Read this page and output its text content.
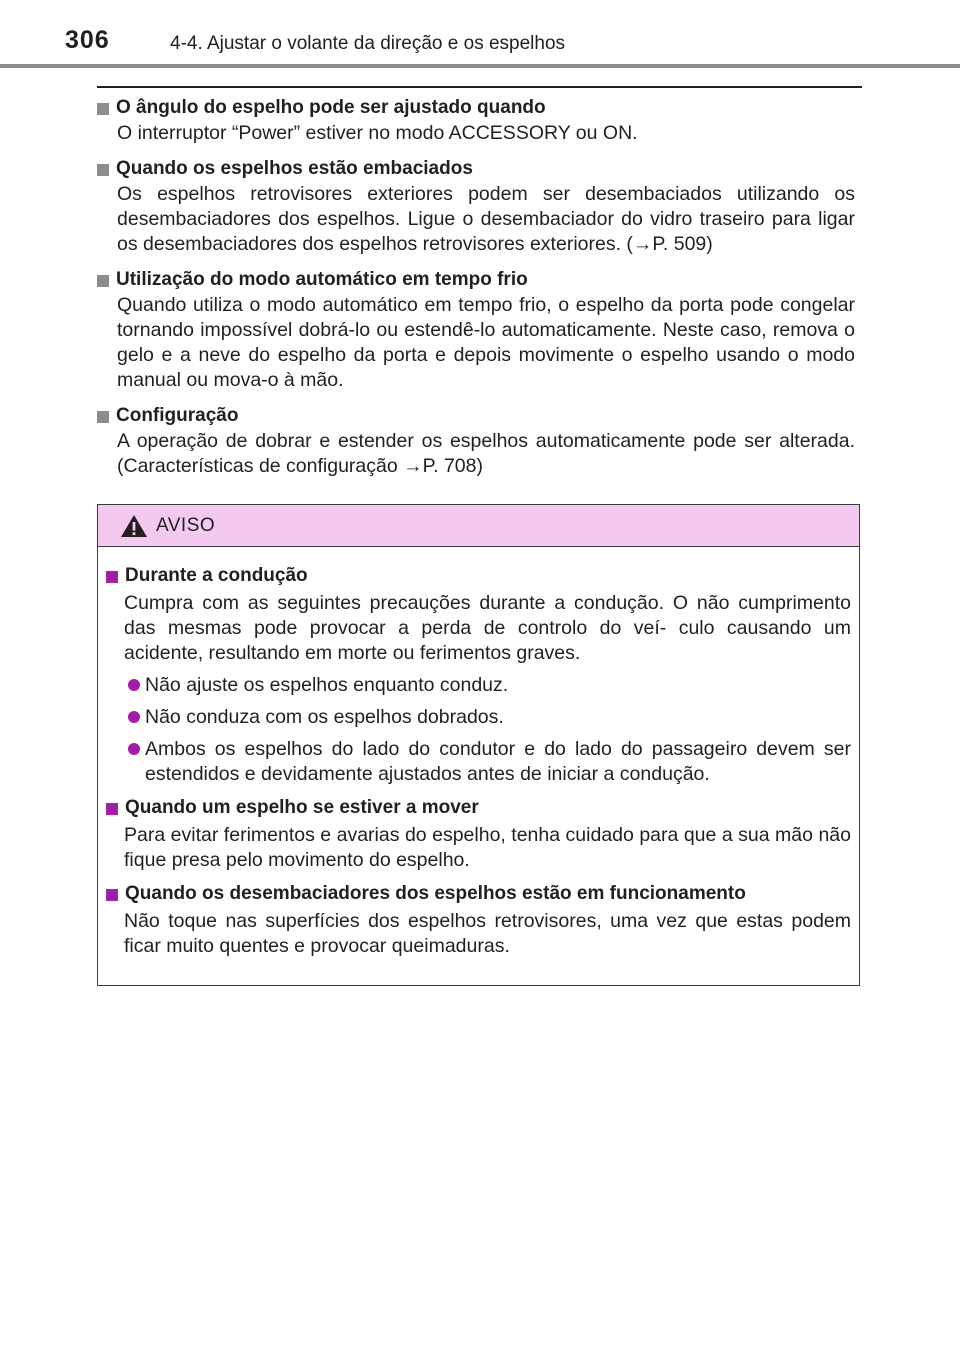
306	4-4. Ajustar o volante da direção e os espelhos
O ângulo do espelho pode ser ajustado quando
O interruptor “Power” estiver no modo ACCESSORY ou ON.
Quando os espelhos estão embaciados
Os espelhos retrovisores exteriores podem ser desembaciados utilizando os desembaciadores dos espelhos. Ligue o desembaciador do vidro traseiro para ligar os desembaciadores dos espelhos retrovisores exteriores. (→P. 509)
Utilização do modo automático em tempo frio
Quando utiliza o modo automático em tempo frio, o espelho da porta pode congelar tornando impossível dobrá-lo ou estendê-lo automaticamente. Neste caso, remova o gelo e a neve do espelho da porta e depois movimente o espelho usando o modo manual ou mova-o à mão.
Configuração
A operação de dobrar e estender os espelhos automaticamente pode ser alterada. (Características de configuração →P. 708)
AVISO
Durante a condução
Cumpra com as seguintes precauções durante a condução. O não cumprimento das mesmas pode provocar a perda de controlo do veí- culo causando um acidente, resultando em morte ou ferimentos graves.
Não ajuste os espelhos enquanto conduz.
Não conduza com os espelhos dobrados.
Ambos os espelhos do lado do condutor e do lado do passageiro devem ser estendidos e devidamente ajustados antes de iniciar a condução.
Quando um espelho se estiver a mover
Para evitar ferimentos e avarias do espelho, tenha cuidado para que a sua mão não fique presa pelo movimento do espelho.
Quando os desembaciadores dos espelhos estão em funcionamento
Não toque nas superfícies dos espelhos retrovisores, uma vez que estas podem ficar muito quentes e provocar queimaduras.
